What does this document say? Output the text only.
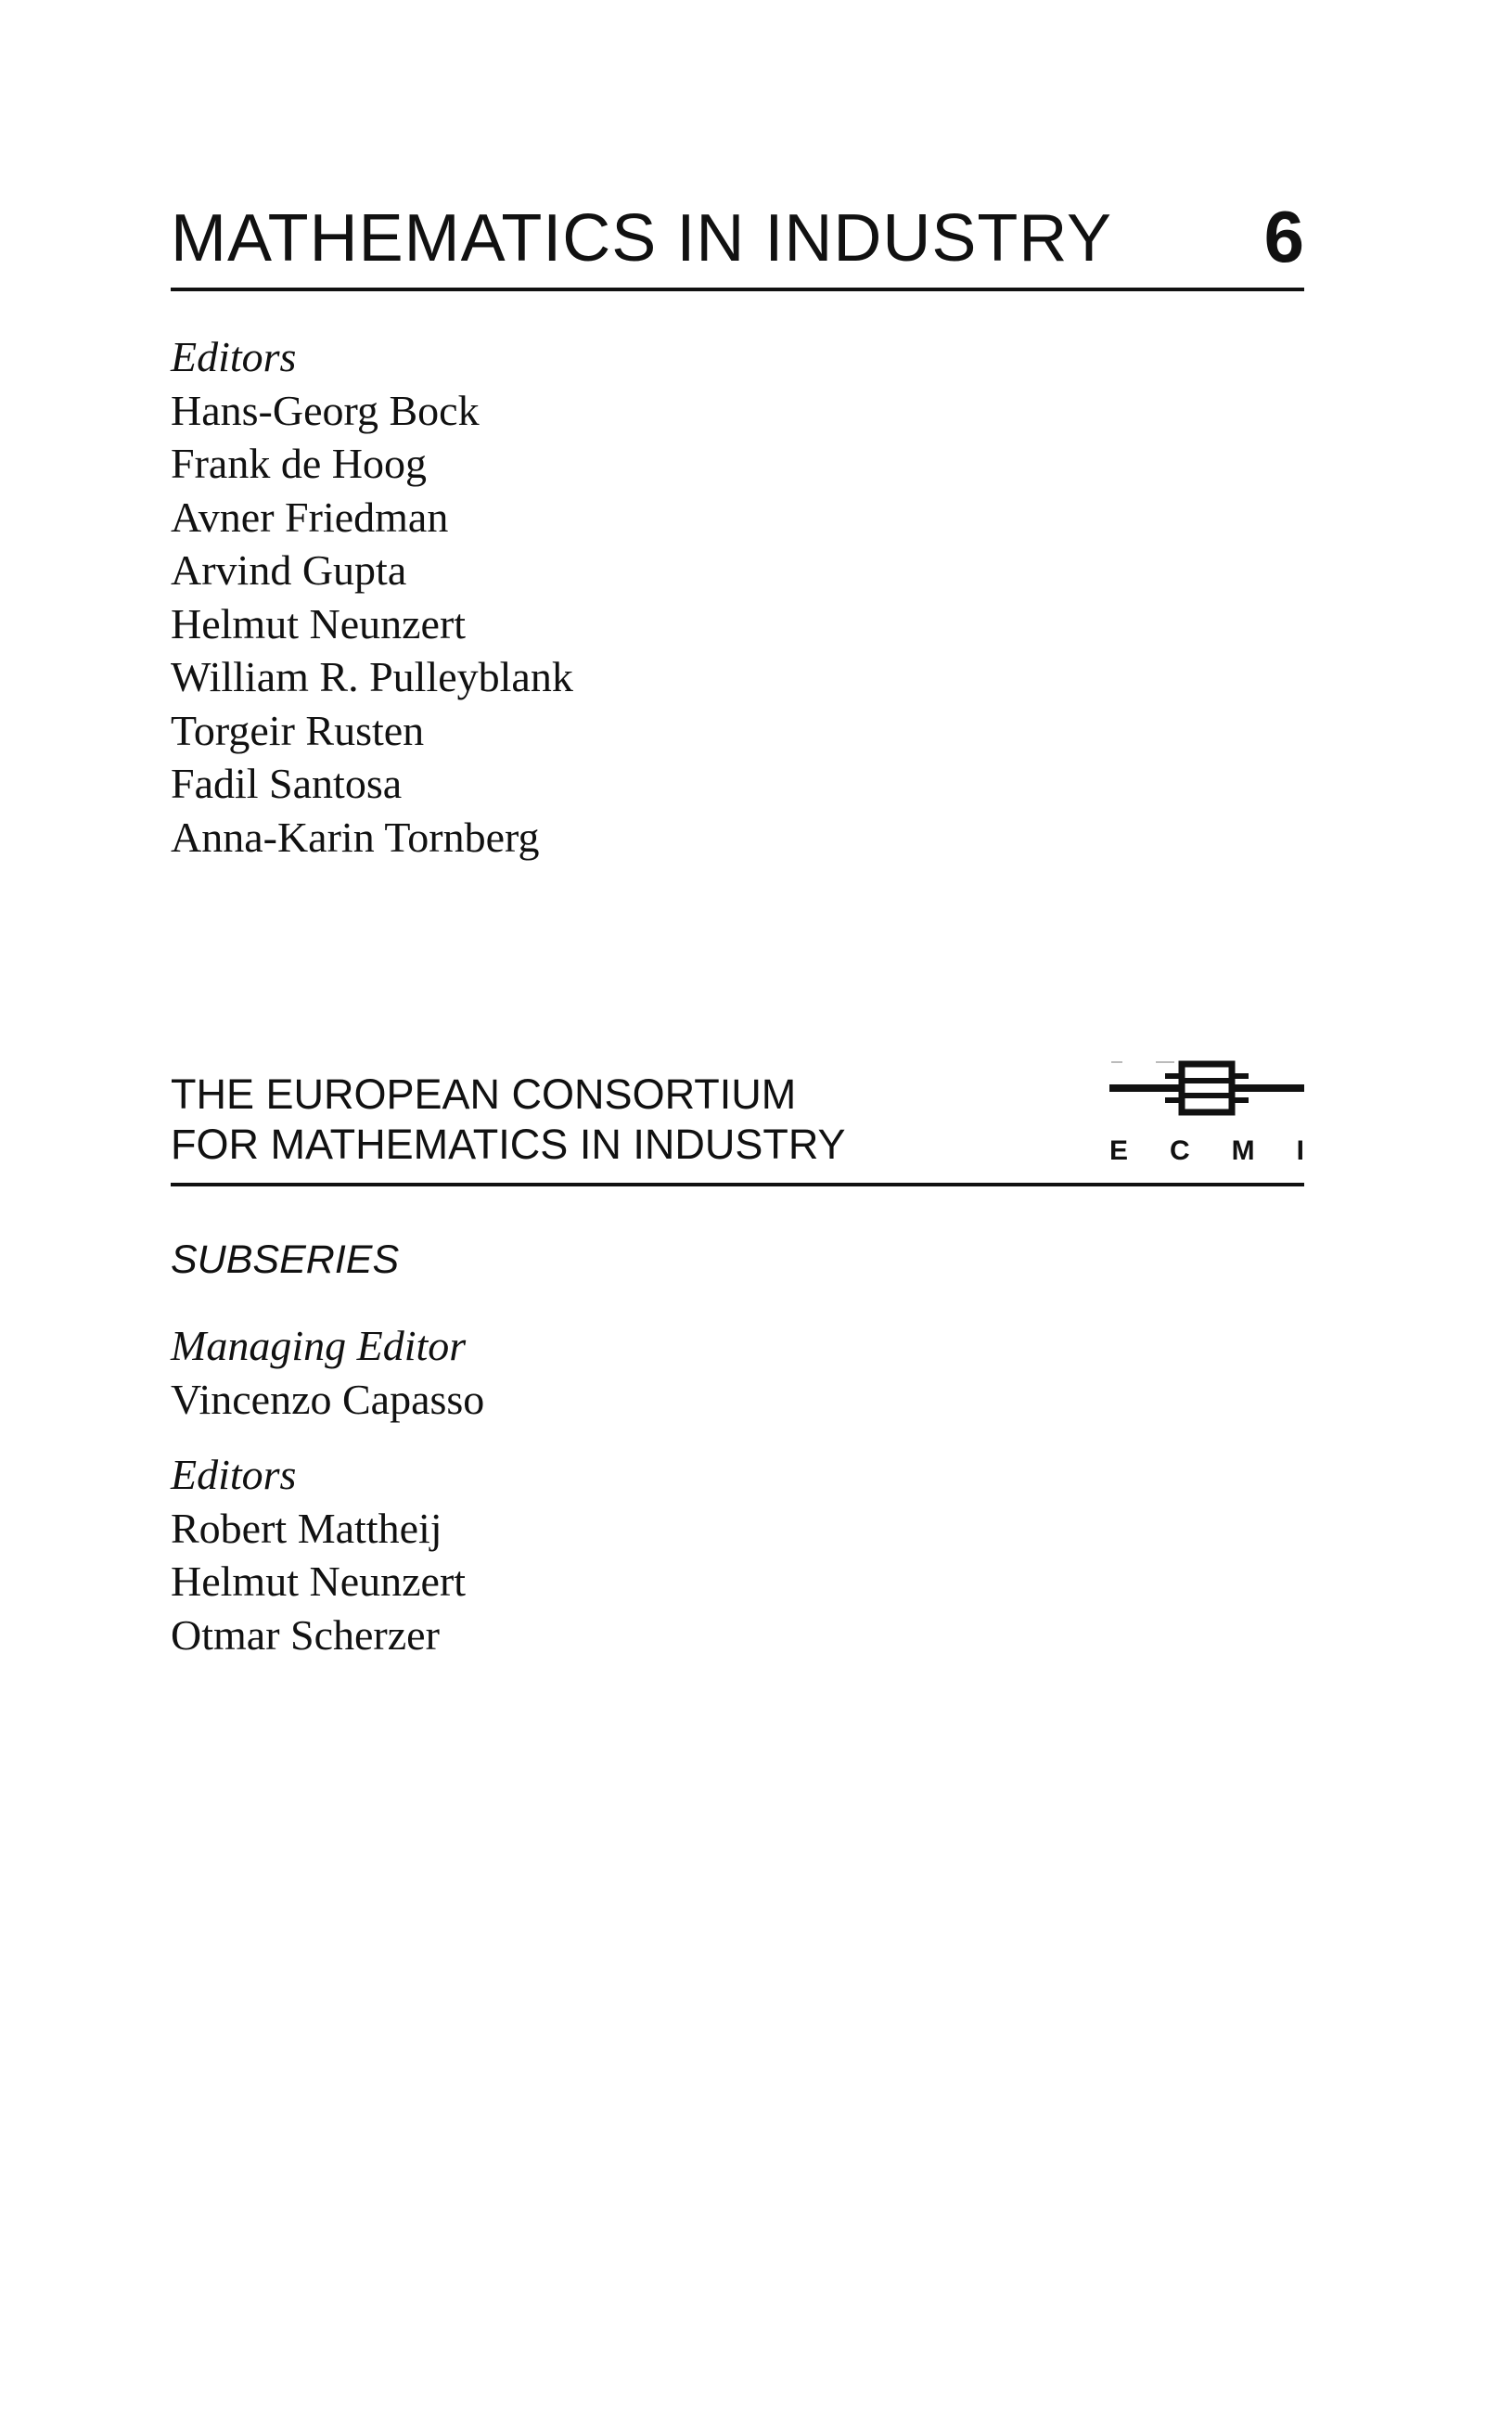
MATHEMATICS IN INDUSTRY 6
Editors
Hans-Georg Bock
Frank de Hoog
Avner Friedman
Arvind Gupta
Helmut Neunzert
William R. Pulleyblank
Torgeir Rusten
Fadil Santosa
Anna-Karin Tornberg
THE EUROPEAN CONSORTIUM
FOR MATHEMATICS IN INDUSTRY	E C M I
SUBSERIES
Managing Editor
Vincenzo Capasso
Editors
Robert Mattheij
Helmut Neunzert
Otmar Scherzer
